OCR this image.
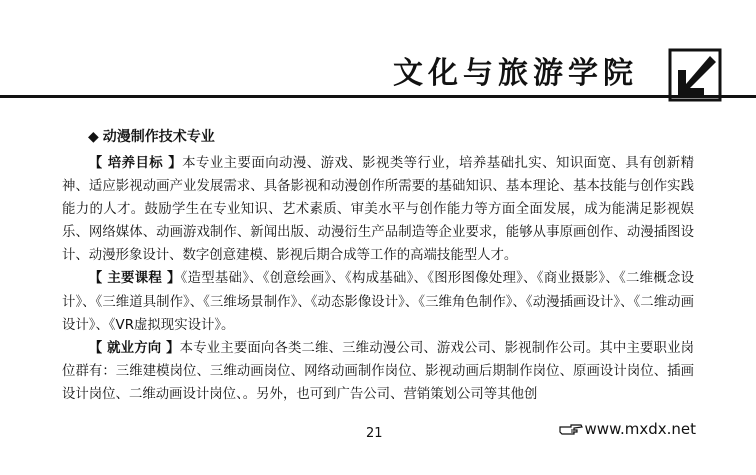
文化与旅游学院
◆ 动漫制作技术专业

【 培养目标 】本专业主要面向动漫、游戏、影视类等行业，培养基础扎实、知识面宽、具有创新精神、适应影视动画产业发展需求、具备影视和动漫创作所需要的基础知识、基本理论、基本技能与创作实践能力的人才。鼓励学生在专业知识、艺术素质、审美水平与创作能力等方面全面发展，成为能满足影视娱乐、网络媒体、动画游戏制作、新闻出版、动漫衍生产品制造等企业要求，能够从事原画创作、动漫插图设计、动漫形象设计、数字创意建模、影视后期合成等工作的高端技能型人才。

【 主要课程 】《造型基础》、《创意绘画》、《构成基础》、《图形图像处理》、《商业摄影》、《二维概念设计》、《三维道具制作》、《三维场景制作》、《动态影像设计》、《三维角色制作》、《动漫插画设计》、《二维动画设计》、《VR虚拟现实设计》。

【 就业方向 】本专业主要面向各类二维、三维动漫公司、游戏公司、影视制作公司。其中主要职业岗位群有：三维建模岗位、三维动画岗位、网络动画制作岗位、影视动画后期制作岗位、原画设计岗位、插画设计岗位、二维动画设计岗位、。另外，也可到广告公司、营销策划公司等其他创

21	www.mxdx.net
